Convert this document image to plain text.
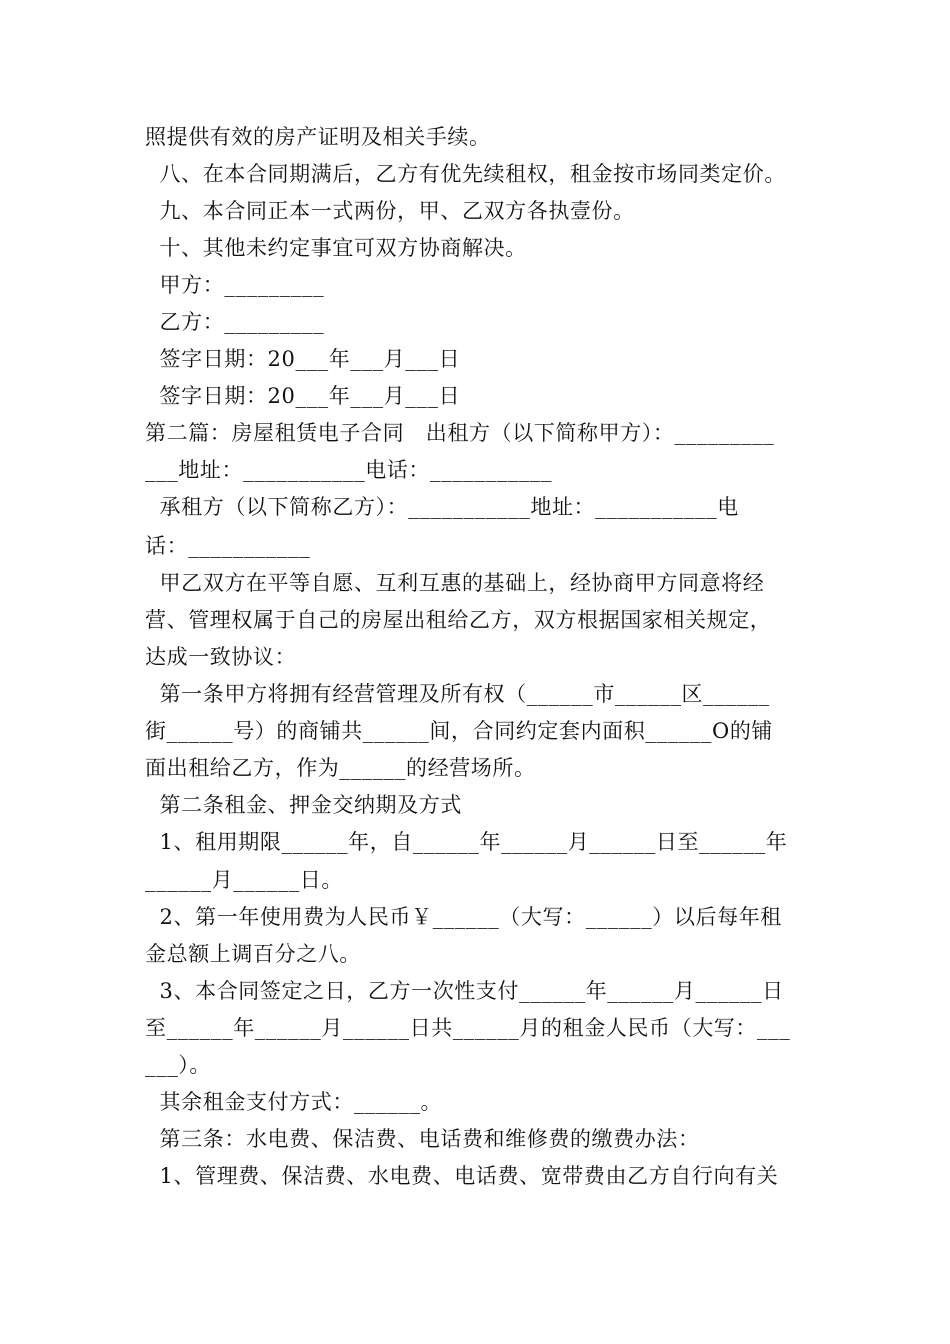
照提供有效的房产证明及相关手续。
八、在本合同期满后，乙方有优先续租权，租金按市场同类定价。
九、本合同正本一式两份，甲、乙双方各执壹份。
十、其他未约定事宜可双方协商解决。
甲方：_________
乙方：_________
签字日期：20___年___月___日
签字日期：20___年___月___日
第二篇：房屋租赁电子合同　出租方（以下简称甲方）：_________
___地址：___________电话：___________
承租方（以下简称乙方）：___________地址：___________电
话：___________
甲乙双方在平等自愿、互利互惠的基础上，经协商甲方同意将经
营、管理权属于自己的房屋出租给乙方，双方根据国家相关规定，
达成一致协议：
第一条甲方将拥有经营管理及所有权（______市______区______
街______号）的商铺共______间，合同约定套内面积______O的铺
面出租给乙方，作为______的经营场所。
第二条租金、押金交纳期及方式
1、租用期限______年，自______年______月______日至______年
______月______日。
2、第一年使用费为人民币￥______（大写：______）以后每年租
金总额上调百分之八。
3、本合同签定之日，乙方一次性支付______年______月______日
至______年______月______日共______月的租金人民币（大写：___
___）。
其余租金支付方式：______。
第三条：水电费、保洁费、电话费和维修费的缴费办法：
1、管理费、保洁费、水电费、电话费、宽带费由乙方自行向有关
